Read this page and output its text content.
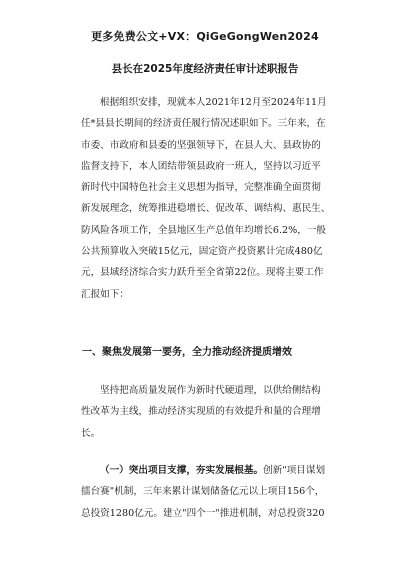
更多免费公文+VX：QiGeGongWen2024
县长在2025年度经济责任审计述职报告
根据组织安排，现就本人2021年12月至2024年11月
任*县县长期间的经济责任履行情况述职如下。三年来，在
市委、市政府和县委的坚强领导下，在县人大、县政协的
监督支持下，本人团结带领县政府一班人，坚持以习近平
新时代中国特色社会主义思想为指导，完整准确全面贯彻
新发展理念，统筹推进稳增长、促改革、调结构、惠民生、
防风险各项工作，全县地区生产总值年均增长6.2%，一般
公共预算收入突破15亿元，固定资产投资累计完成480亿
元，县域经济综合实力跃升至全省第22位。现将主要工作
汇报如下：
一、聚焦发展第一要务，全力推动经济提质增效
坚持把高质量发展作为新时代硬道理，以供给侧结构
性改革为主线，推动经济实现质的有效提升和量的合理增
长。
（一）突出项目支撑，夯实发展根基。创新"项目谋划
擂台赛"机制，三年来累计谋划储备亿元以上项目156个，
总投资1280亿元。建立"四个一"推进机制，对总投资320
